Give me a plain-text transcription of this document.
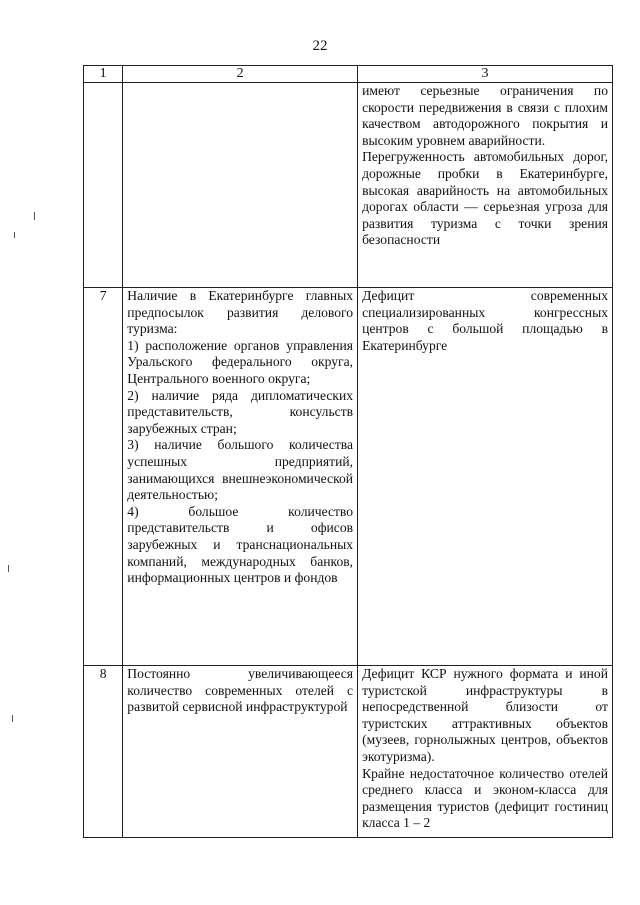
22
1	2	3

		имеют серьезные ограничения по скорости передвижения в связи с плохим качеством автодорожного покрытия и высоким уровнем аварийности.

Перегруженность автомобильных дорог, дорожные пробки в Екатеринбурге, высокая аварийность на автомобильных дорогах области — серьезная угроза для развития туризма с точки зрения безопасности

7	Наличие в Екатеринбурге главных предпосылок развития делового туризма:

1) расположение органов управления Уральского федерального округа, Центрального военного округа;

2) наличие ряда дипломатических представительств, консульств зарубежных стран;

3) наличие большого количества успешных предприятий, занимающихся внешнеэкономической деятельностью;

4) большое количество представительств и офисов зарубежных и транснациональных компаний, международных банков, информационных центров и фондов	Дефицит современных специализированных конгрессных центров с большой площадью в Екатеринбурге

8	Постоянно увеличивающееся количество современных отелей с развитой сервисной инфраструктурой	Дефицит КСР нужного формата и иной туристской инфраструктуры в непосредственной близости от туристских аттрактивных объектов (музеев, горнолыжных центров, объектов экотуризма).

Крайне недостаточное количество отелей среднего класса и эконом-класса для размещения туристов (дефицит гостиниц класса 1 – 2
